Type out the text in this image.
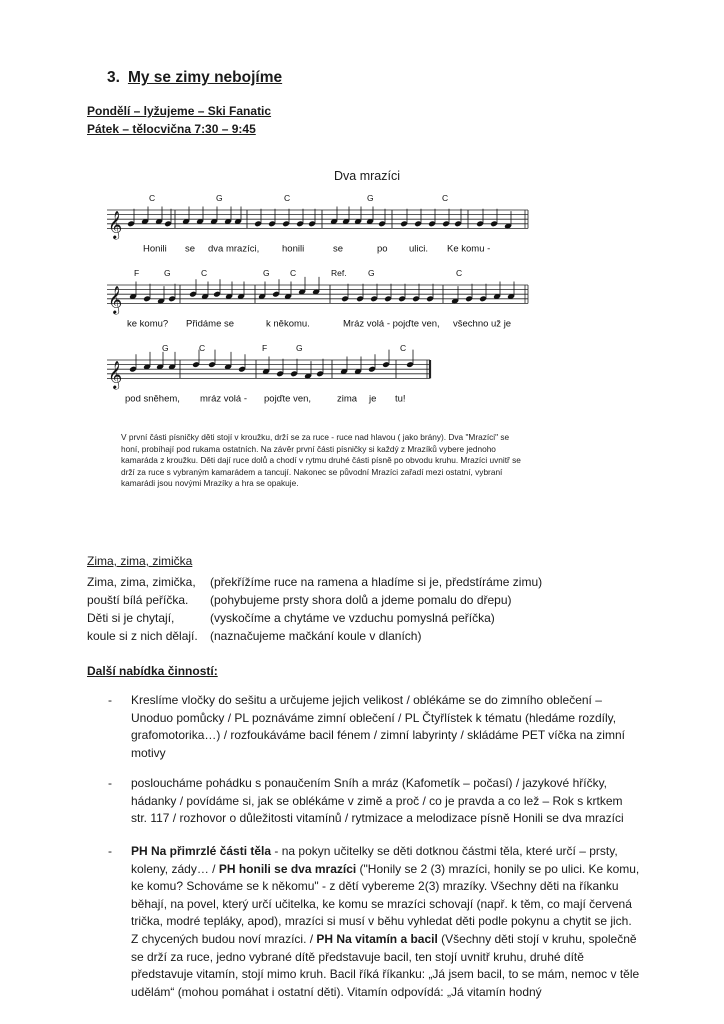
3. My se zimy nebojíme
Pondělí – lyžujeme – Ski Fanatic
Pátek – tělocvična 7:30 – 9:45
Dva mrazíci
𝄞
𝄞
𝄞
C	G	C	G	C
F	G	C	G C	Ref.	G	C
G	C	F	G	C
Honili se dva mrazíci, honili	se	po ulici. Ke komu -
ke komu? Přidáme se	k někomu.	Mráz volá - pojďte ven, všechno už je
pod sněhem, mráz volá - pojďte ven,	zima je tu!

V první části písničky děti stojí v kroužku, drží se za ruce - ruce nad hlavou ( jako brány). Dva "Mrazíci" se honí, probíhají pod rukama ostatních. Na závěr první části písničky si každý z Mrazíků vybere jednoho kamaráda z kroužku. Děti dají ruce dolů a chodí v rytmu druhé části písně po obvodu kruhu. Mrazíci uvnitř se drží za ruce s vybraným kamarádem a tancují. Nakonec se původní Mrazíci zařadí mezi ostatní, vybraní kamarádi jsou novými Mrazíky a hra se opakuje.

Zima, zima, zimička
Zima, zima, zimička, (překřížíme ruce na ramena a hladíme si je, předstíráme zimu)
pouští bílá peříčka. (pohybujeme prsty shora dolů a jdeme pomalu do dřepu)
Děti si je chytají,	(vyskočíme a chytáme ve vzduchu pomyslná peříčka)
koule si z nich dělají. (naznačujeme mačkání koule v dlaních)
Další nabídka činností:
- Kreslíme vločky do sešitu a určujeme jejich velikost / oblékáme se do zimního oblečení – Unoduo pomůcky / PL poznáváme zimní oblečení / PL Čtyřlístek k tématu (hledáme rozdíly, grafomotorika…) / rozfoukáváme bacil fénem / zimní labyrinty / skládáme PET víčka na zimní motivy

- posloucháme pohádku s ponaučením Sníh a mráz (Kafometík – počasí) / jazykové hříčky, hádanky / povídáme si, jak se oblékáme v zimě a proč / co je pravda a co lež – Rok s krtkem str. 117 / rozhovor o důležitosti vitamínů / rytmizace a melodizace písně Honili se dva mrazíci

- PH Na přimrzlé části těla - na pokyn učitelky se děti dotknou částmi těla, které určí – prsty, koleny, zády… / PH honili se dva mrazíci ("Honily se 2 (3) mrazíci, honily se po ulici. Ke komu, ke komu? Schováme se k někomu" - z dětí vybereme 2(3) mrazíky. Všechny děti na říkanku běhají, na povel, který určí učitelka, ke komu se mrazíci schovají (např. k těm, co mají červená trička, modré tepláky, apod), mrazíci si musí v běhu vyhledat děti podle pokynu a chytit se jich. Z chycených budou noví mrazíci. / PH Na vitamín a bacil (Všechny děti stojí v kruhu, společně se drží za ruce, jedno vybrané dítě představuje bacil, ten stojí uvnitř kruhu, druhé dítě představuje vitamín, stojí mimo kruh. Bacil říká říkanku: „Já jsem bacil, to se mám, nemoc v těle udělám“ (mohou pomáhat i ostatní děti). Vitamín odpovídá: „Já vitamín hodný
